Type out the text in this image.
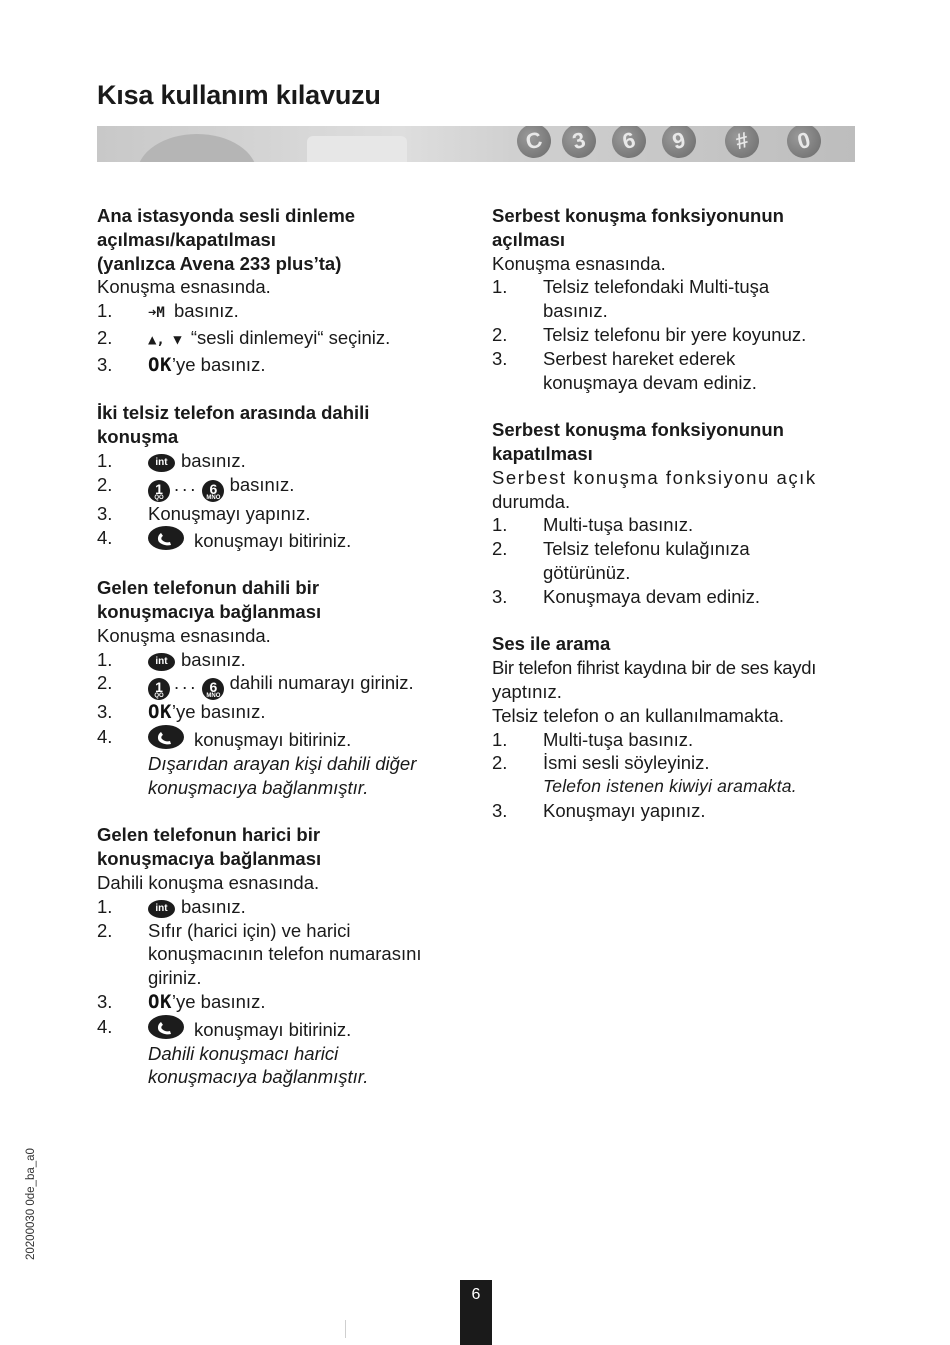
Kısa kullanım kılavuzu
C 3 6 9 # 0
Ana istasyonda sesli dinleme
açılması/kapatılması
(yanlızca Avena 233 plus’ta)

Konuşma esnasında.

1.	➜M basınız.
2.	▲, ▼ “sesli dinlemeyi“ seçiniz.
3.	OK’ye basınız.
İki telsiz telefon arasında dahili
konuşma
1.	int basınız.
2.	1
QO
... 6
MNO
basınız.
3.	Konuşmayı yapınız.
4.	konuşmayı bitiriniz.
Gelen telefonun dahili bir
konuşmacıya bağlanması

Konuşma esnasında.

1.	int basınız.
2.	1
QO
... 6
MNO
dahili numarayı giriniz.
3.	OK’ye basınız.
4.	konuşmayı bitiriniz.
Dışarıdan arayan kişi dahili diğer
konuşmacıya bağlanmıştır.
Gelen telefonun harici bir
konuşmacıya bağlanması

Dahili konuşma esnasında.

1.	int basınız.
2.	Sıfır (harici için) ve harici
konuşmacının telefon numarasını
giriniz.
3.	OK’ye basınız.
4.	konuşmayı bitiriniz.
Dahili konuşmacı harici
konuşmacıya bağlanmıştır.
Serbest konuşma fonksiyonunun
açılması

Konuşma esnasında.

1.	Telsiz telefondaki Multi-tuşa
basınız.
2.	Telsiz telefonu bir yere koyunuz.
3.	Serbest hareket ederek
konuşmaya devam ediniz.
Serbest konuşma fonksiyonunun
kapatılması

Serbest konuşma fonksiyonu açık
durumda.

1.	Multi-tuşa basınız.
2.	Telsiz telefonu kulağınıza
götürünüz.
3.	Konuşmaya devam ediniz.
Ses ile arama

Bir telefon fihrist kaydına bir de ses kaydı
yaptınız.
Telsiz telefon o an kullanılmamakta.

1.	Multi-tuşa basınız.
2.	İsmi sesli söyleyiniz.
Telefon istenen kiwiyi aramakta.
3.	Konuşmayı yapınız.
20200030 0de_ba_a0
6
